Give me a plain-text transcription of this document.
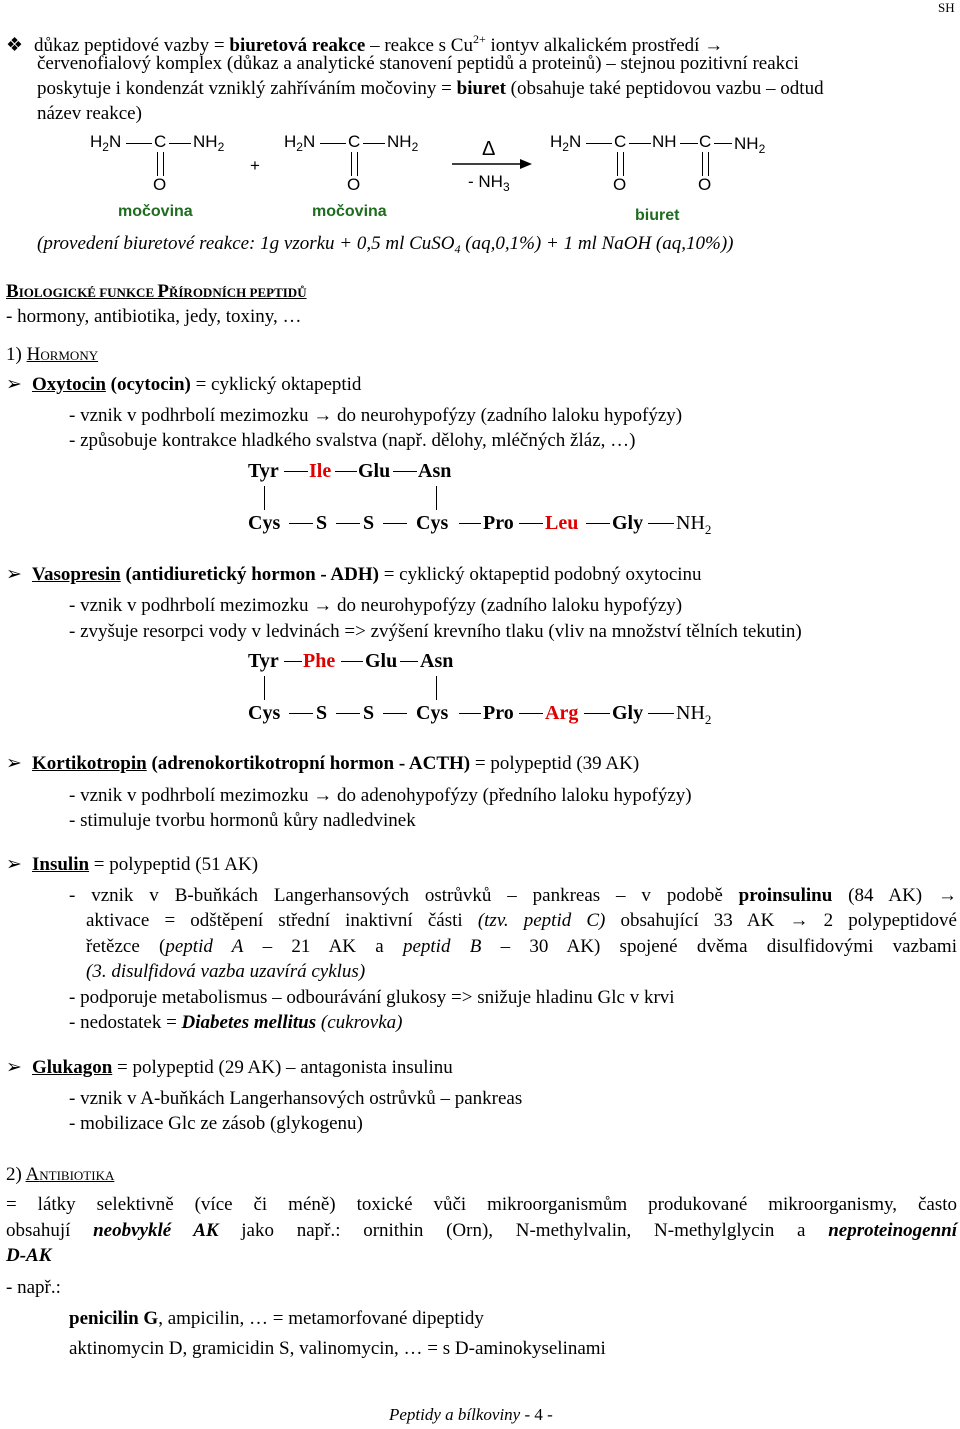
SH
❖ důkaz peptidové vazby = biuretová reakce – reakce s $Cu^{2+}$ iontyv alkalickém prostředí →
červenofialový komplex (důkaz a analytické stanovení peptidů a proteinů) – stejnou pozitivní reakci
poskytuje i kondenzát vzniklý zahříváním močoviny = biuret (obsahuje také peptidovou vazbu – odtud
název reakce)
$H_2N$ C $NH_2$
O
močovina
+
$H_2N$ C $NH_2$
O
močovina
Δ
- $NH_3$
$H_2N$ C NH C $NH_2$
O	O
biuret
(provedení biuretové reakce: 1g vzorku + 0,5 ml CuSO$_4$ (aq,0,1%) + 1 ml NaOH (aq,10%))
BIOLOGICKÉ FUNKCE PŘÍRODNÍCH PEPTIDŮ
- hormony, antibiotika, jedy, toxiny, …
1) HORMONY
➢ Oxytocin (ocytocin) = cyklický oktapeptid
- vznik v podhrbolí mezimozku → do neurohypofýzy (zadního laloku hypofýzy)
- způsobuje kontrakce hladkého svalstva (např. dělohy, mléčných žláz, …)
Tyr Ile Glu Asn
Cys S S Cys Pro Leu Gly $NH_2$
➢ Vasopresin (antidiuretický hormon - ADH) = cyklický oktapeptid podobný oxytocinu
- vznik v podhrbolí mezimozku → do neurohypofýzy (zadního laloku hypofýzy)
- zvyšuje resorpci vody v ledvinách => zvýšení krevního tlaku (vliv na množství tělních tekutin)
Tyr Phe Glu Asn
Cys S S Cys Pro Arg Gly $NH_2$
➢ Kortikotropin (adrenokortikotropní hormon - ACTH) = polypeptid (39 AK)
- vznik v podhrbolí mezimozku → do adenohypofýzy (předního laloku hypofýzy)
- stimuluje tvorbu hormonů kůry nadledvinek
➢ Insulin = polypeptid (51 AK)
- vznik v B-buňkách Langerhansových ostrůvků – pankreas – v podobě proinsulinu (84 AK) →
aktivace = odštěpení střední inaktivní části (tzv. peptid C) obsahující 33 AK → 2 polypeptidové
řetězce (peptid A – 21 AK a peptid B – 30 AK) spojené dvěma disulfidovými vazbami
(3. disulfidová vazba uzavírá cyklus)
- podporuje metabolismus – odbourávání glukosy => snižuje hladinu Glc v krvi
- nedostatek = Diabetes mellitus (cukrovka)
➢ Glukagon = polypeptid (29 AK) – antagonista insulinu
- vznik v A-buňkách Langerhansových ostrůvků – pankreas
- mobilizace Glc ze zásob (glykogenu)
2) ANTIBIOTIKA
= látky selektivně (více či méně) toxické vůči mikroorganismům produkované mikroorganismy, často
obsahují neobvyklé AK jako např.: ornithin (Orn), N-methylvalin, N-methylglycin a neproteinogenní
D-AK
- např.:
penicilin G, ampicilin, … = metamorfované dipeptidy
aktinomycin D, gramicidin S, valinomycin, … = s D-aminokyselinami
Peptidy a bílkoviny - 4 -
